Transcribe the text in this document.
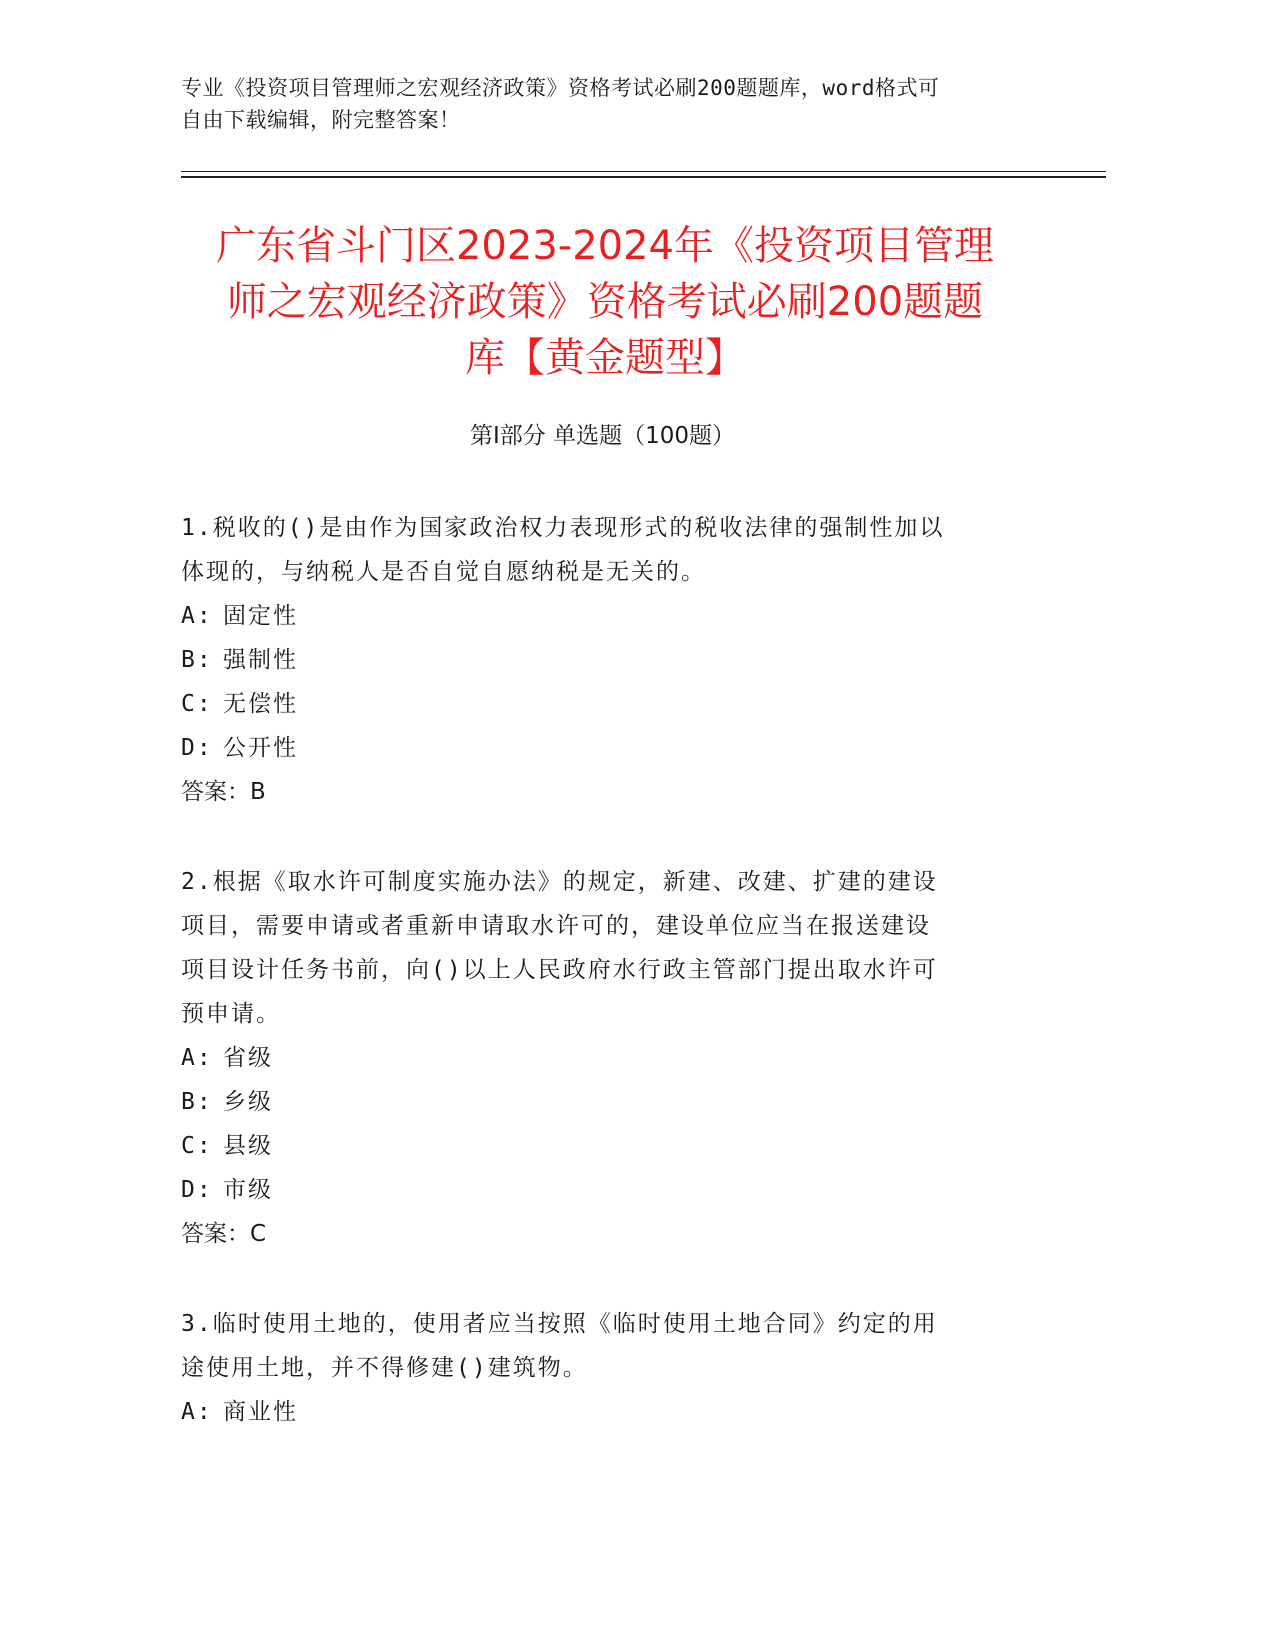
专业《投资项目管理师之宏观经济政策》资格考试必刷200题题库，word格式可
自由下载编辑，附完整答案！
广东省斗门区2023-2024年《投资项目管理
师之宏观经济政策》资格考试必刷200题题
库【黄金题型】
第I部分 单选题（100题）
1.税收的()是由作为国家政治权力表现形式的税收法律的强制性加以
体现的，与纳税人是否自觉自愿纳税是无关的。
A: 固定性
B: 强制性
C: 无偿性
D: 公开性
答案：B
2.根据《取水许可制度实施办法》的规定，新建、改建、扩建的建设
项目，需要申请或者重新申请取水许可的，建设单位应当在报送建设
项目设计任务书前，向()以上人民政府水行政主管部门提出取水许可
预申请。
A: 省级
B: 乡级
C: 县级
D: 市级
答案：C
3.临时使用土地的，使用者应当按照《临时使用土地合同》约定的用
途使用土地，并不得修建()建筑物。
A: 商业性
